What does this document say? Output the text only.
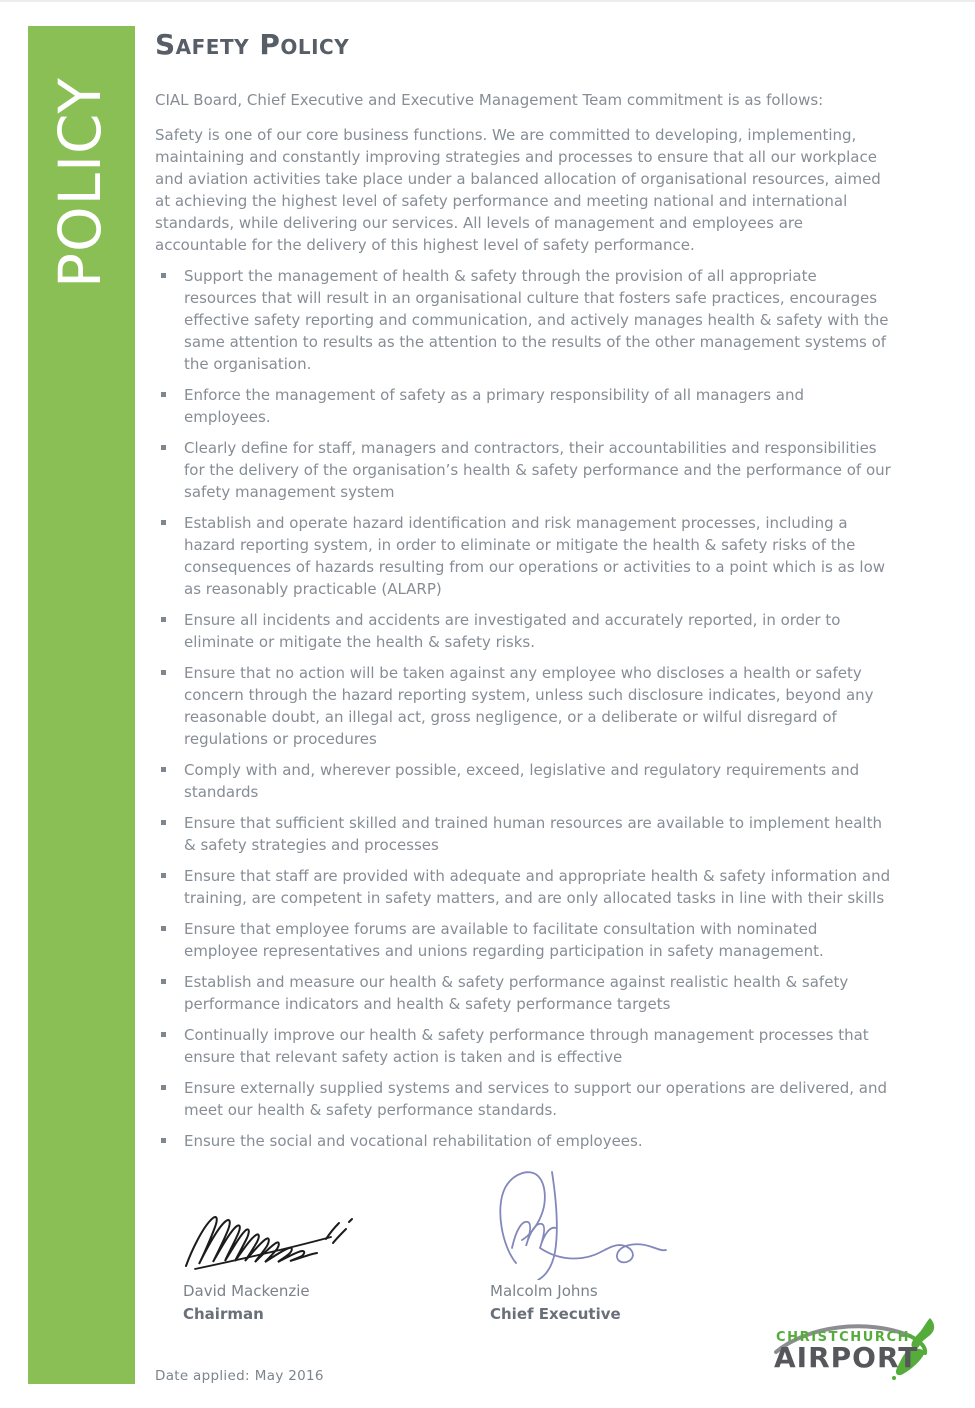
POLICY
Safety Policy

CIAL Board, Chief Executive and Executive Management Team commitment is as follows:

Safety is one of our core business functions. We are committed to developing, implementing, maintaining and constantly improving strategies and processes to ensure that all our workplace and aviation activities take place under a balanced allocation of organisational resources, aimed at achieving the highest level of safety performance and meeting national and international standards, while delivering our services. All levels of management and employees are accountable for the delivery of this highest level of safety performance.

Support the management of health & safety through the provision of all appropriate resources that will result in an organisational culture that fosters safe practices, encourages effective safety reporting and communication, and actively manages health & safety with the same attention to results as the attention to the results of the other management systems of the organisation.

Enforce the management of safety as a primary responsibility of all managers and employees.

Clearly define for staff, managers and contractors, their accountabilities and responsibilities for the delivery of the organisation’s health & safety performance and the performance of our safety management system

Establish and operate hazard identification and risk management processes, including a hazard reporting system, in order to eliminate or mitigate the health & safety risks of the consequences of hazards resulting from our operations or activities to a point which is as low as reasonably practicable (ALARP)

Ensure all incidents and accidents are investigated and accurately reported, in order to eliminate or mitigate the health & safety risks.

Ensure that no action will be taken against any employee who discloses a health or safety concern through the hazard reporting system, unless such disclosure indicates, beyond any reasonable doubt, an illegal act, gross negligence, or a deliberate or wilful disregard of regulations or procedures

Comply with and, wherever possible, exceed, legislative and regulatory requirements and standards

Ensure that sufficient skilled and trained human resources are available to implement health & safety strategies and processes

Ensure that staff are provided with adequate and appropriate health & safety information and training, are competent in safety matters, and are only allocated tasks in line with their skills

Ensure that employee forums are available to facilitate consultation with nominated employee representatives and unions regarding participation in safety management.

Establish and measure our health & safety performance against realistic health & safety performance indicators and health & safety performance targets

Continually improve our health & safety performance through management processes that ensure that relevant safety action is taken and is effective

Ensure externally supplied systems and services to support our operations are delivered, and meet our health & safety performance standards.

Ensure the social and vocational rehabilitation of employees.

David Mackenzie
Chairman
Malcolm Johns
Chief Executive
CHRISTCHURCH
AIRPORT
Date applied: May 2016
